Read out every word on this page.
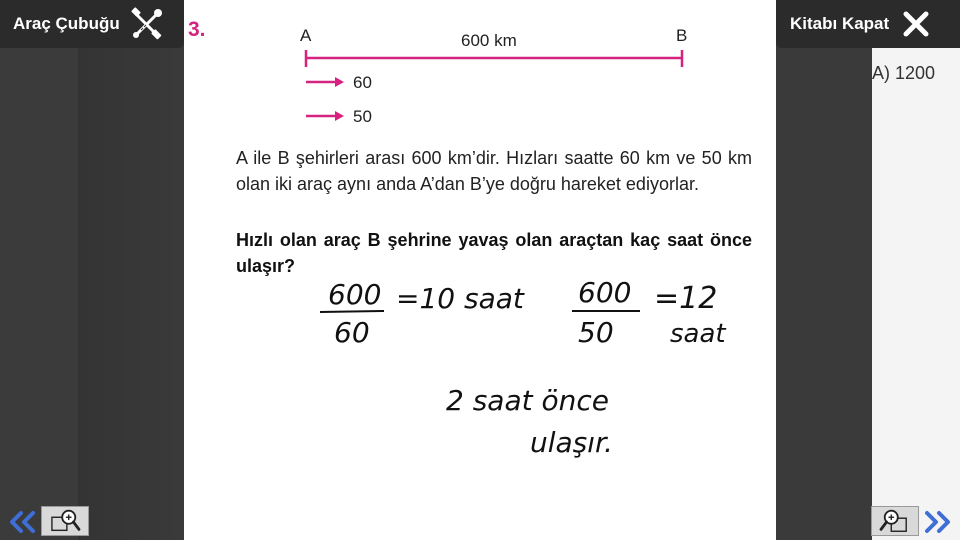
A) 1200
Araç Çubuğu	Kitabı Kapat
3.	A	B
600 km
60
50
A ile B şehirleri arası 600 km’dir. Hızları saatte 60 km ve 50 km olan iki araç aynı anda A’dan B’ye doğru hareket ediyorlar.
Hızlı olan araç B şehrine yavaş olan araçtan kaç saat önce ulaşır?
600
60
=10 saat 600
50
=12
saat
2 saat önce
ulaşır.
